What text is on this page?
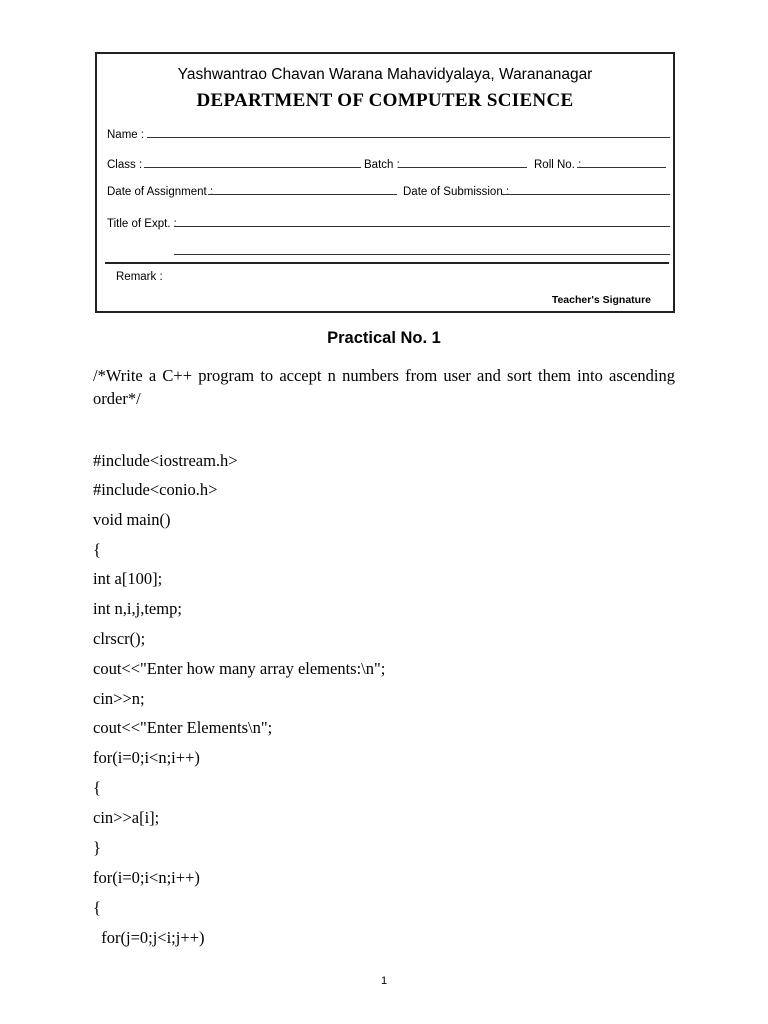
Yashwantrao Chavan Warana Mahavidyalaya, Warananagar
DEPARTMENT OF COMPUTER SCIENCE
Name :
Class :	Batch :	Roll No. :
Date of Assignment :	Date of Submission :
Title of Expt. :
Remark :
Teacher's Signature
Practical No. 1
/*Write a C++ program to accept n numbers from user and sort them into ascending order*/
#include<iostream.h>
#include<conio.h>
void main()
{
int a[100];
int n,i,j,temp;
clrscr();
cout<<"Enter how many array elements:\n";
cin>>n;
cout<<"Enter Elements\n";
for(i=0;i<n;i++)
{
cin>>a[i];
}
for(i=0;i<n;i++)
{
for(j=0;j<i;j++)
1
